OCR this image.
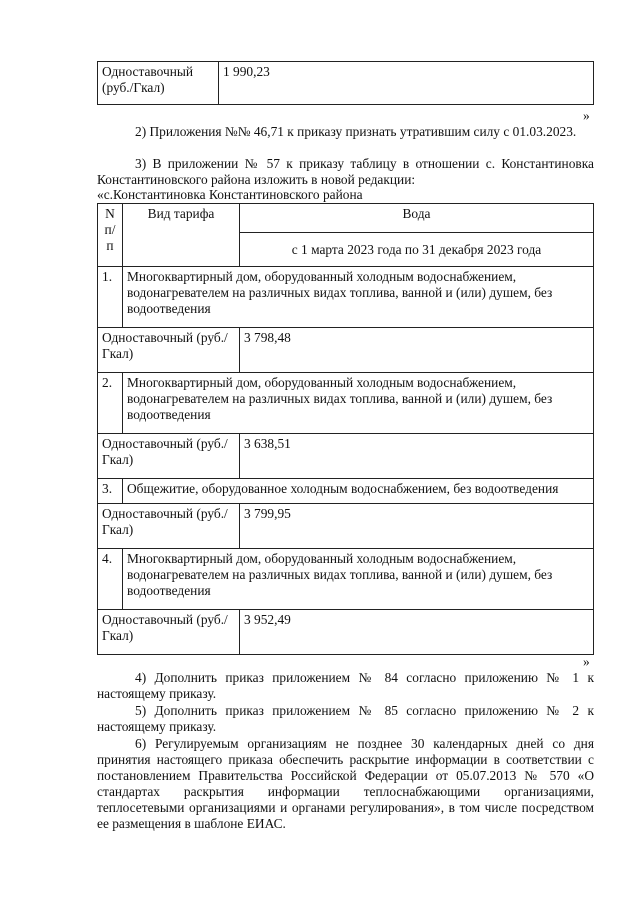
Одноставочный (руб./Гкал)	1 990,23
»
2) Приложения №№ 46,71 к приказу признать утратившим силу с 01.03.2023.
3) В приложении № 57 к приказу таблицу в отношении с. Константиновка Константиновского района изложить в новой редакции:
«с.Константиновка Константиновского района
N п/ п	Вид тарифа	Вода
		с 1 марта 2023 года по 31 декабря 2023 года
1.	Многоквартирный дом, оборудованный холодным водоснабжением, водонагревателем на различных видах топлива, ванной и (или) душем, без водоотведения	
Одноставочный (руб./Гкал)		3 798,48
2.	Многоквартирный дом, оборудованный холодным водоснабжением, водонагревателем на различных видах топлива, ванной и (или) душем, без водоотведения	
Одноставочный (руб./Гкал)		3 638,51
3.	Общежитие, оборудованное холодным водоснабжением, без водоотведения	
Одноставочный (руб./Гкал)		3 799,95
4.	Многоквартирный дом, оборудованный холодным водоснабжением, водонагревателем на различных видах топлива, ванной и (или) душем, без водоотведения	
Одноставочный (руб./Гкал)		3 952,49
»
4) Дополнить приказ приложением № 84 согласно приложению № 1 к настоящему приказу.
5) Дополнить приказ приложением № 85 согласно приложению № 2 к настоящему приказу.
6) Регулируемым организациям не позднее 30 календарных дней со дня принятия настоящего приказа обеспечить раскрытие информации в соответствии с постановлением Правительства Российской Федерации от 05.07.2013 № 570 «О стандартах раскрытия информации теплоснабжающими организациями, теплосетевыми организациями и органами регулирования», в том числе посредством ее размещения в шаблоне ЕИАС.
